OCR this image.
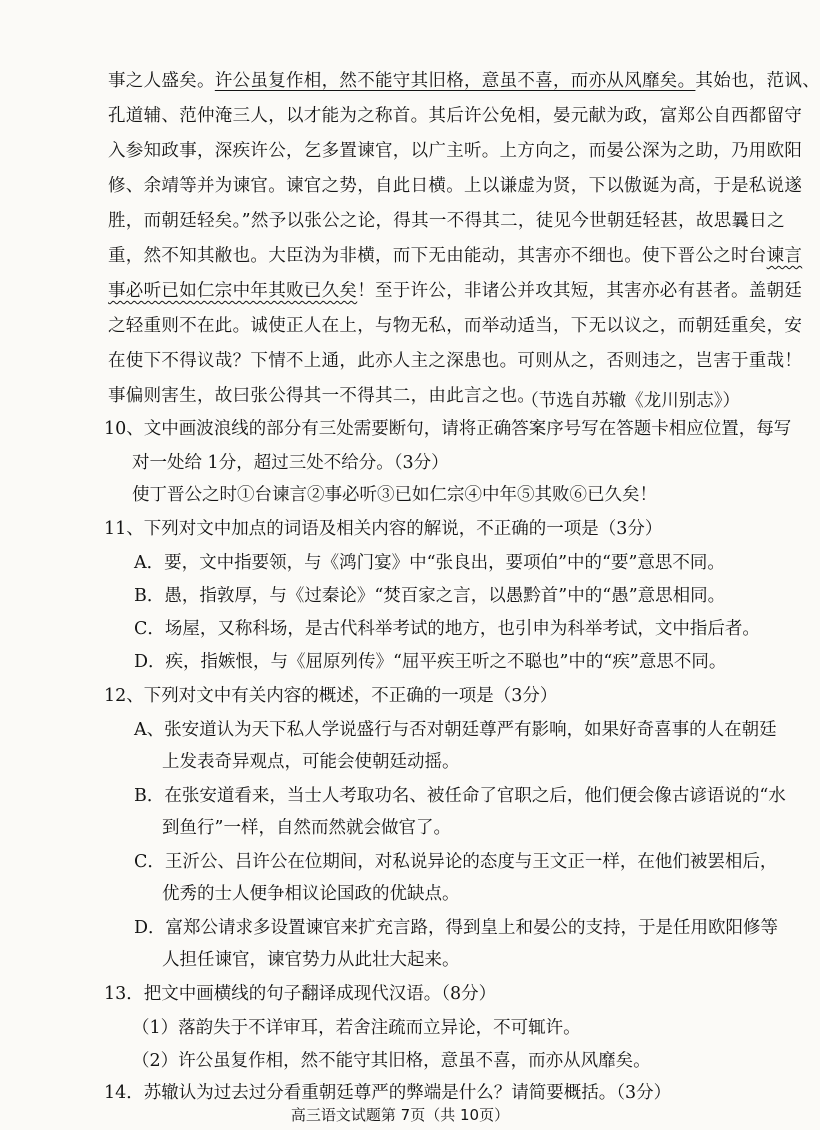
事之人盛矣。许公虽复作相，然不能守其旧格，意虽不喜，而亦从风靡矣。其始也，范讽、
孔道辅、范仲淹三人，以才能为之称首。其后许公免相，晏元献为政，富郑公自西都留守
入参知政事，深疾许公，乞多置谏官，以广主听。上方向之，而晏公深为之助，乃用欧阳
修、余靖等并为谏官。谏官之势，自此日横。上以谦虚为贤，下以傲诞为高，于是私说遂
胜，而朝廷轻矣。”然予以张公之论，得其一不得其二，徒见今世朝廷轻甚，故思曩日之
重，然不知其敝也。大臣沩为非横，而下无由能动，其害亦不细也。使下晋公之时台谏言
事必听已如仁宗中年其败已久矣！至于许公，非诸公并攻其短，其害亦必有甚者。盖朝廷
之轻重则不在此。诚使正人在上，与物无私，而举动适当，下无以议之，而朝廷重矣，安
在使下不得议哉？下情不上通，此亦人主之深患也。可则从之，否则违之，岂害于重哉！
事偏则害生，故曰张公得其一不得其二，由此言之也。
（节选自苏辙《龙川别志》）
10、文中画波浪线的部分有三处需要断句，请将正确答案序号写在答题卡相应位置，每写
对一处给 1分，超过三处不给分。（3分）
使丁晋公之时①台谏言②事必听③已如仁宗④中年⑤其败⑥已久矣！
11、下列对文中加点的词语及相关内容的解说，不正确的一项是（3分）
A．要，文中指要领，与《鸿门宴》中“张良出，要项伯”中的“要”意思不同。
B．愚，指敦厚，与《过秦论》“焚百家之言，以愚黔首”中的“愚”意思相同。
C．场屋，又称科场，是古代科举考试的地方，也引申为科举考试，文中指后者。
D．疾，指嫉恨，与《屈原列传》“屈平疾王听之不聪也”中的“疾”意思不同。
12、下列对文中有关内容的概述，不正确的一项是（3分）
A、张安道认为天下私人学说盛行与否对朝廷尊严有影响，如果好奇喜事的人在朝廷
上发表奇异观点，可能会使朝廷动摇。
B．在张安道看来，当士人考取功名、被任命了官职之后，他们便会像古谚语说的“水
到鱼行”一样，自然而然就会做官了。
C．王沂公、吕许公在位期间，对私说异论的态度与王文正一样，在他们被罢相后，
优秀的士人便争相议论国政的优缺点。
D．富郑公请求多设置谏官来扩充言路，得到皇上和晏公的支持，于是任用欧阳修等
人担任谏官，谏官势力从此壮大起来。
13．把文中画横线的句子翻译成现代汉语。（8分）
（1）落韵失于不详审耳，若舍注疏而立异论，不可辄许。
（2）许公虽复作相，然不能守其旧格，意虽不喜，而亦从风靡矣。
14．苏辙认为过去过分看重朝廷尊严的弊端是什么？请简要概括。（3分）
高三语文试题第 7页（共 10页）
